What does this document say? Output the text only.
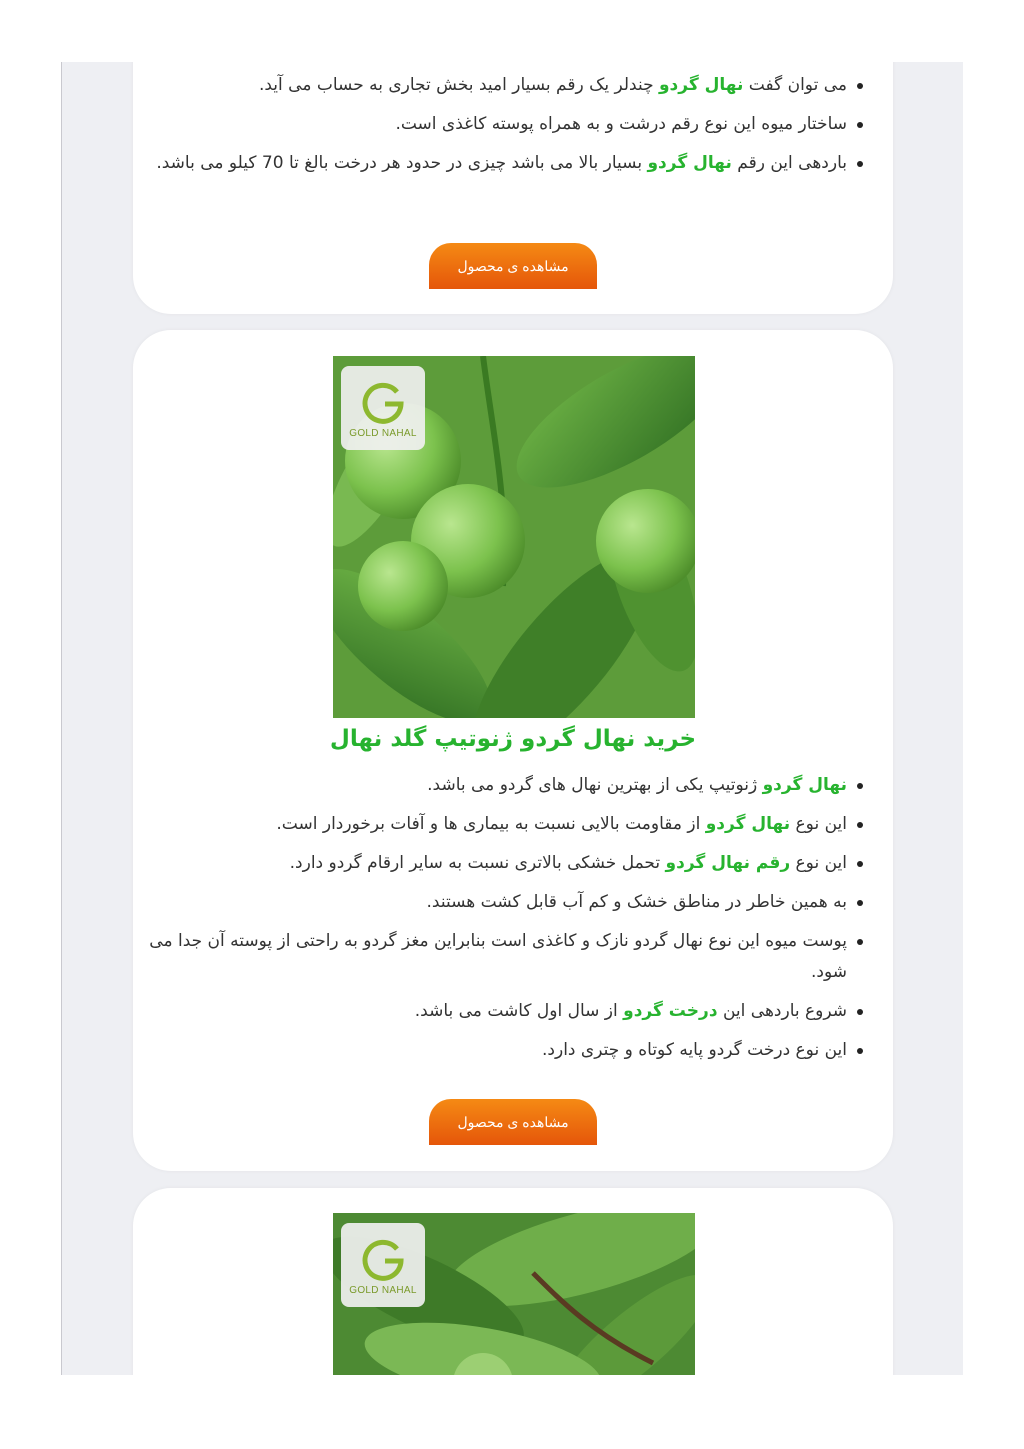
می توان گفت نهال گردو چندلر یک رقم بسیار امید بخش تجاری به حساب می آید.
ساختار میوه این نوع رقم درشت و به همراه پوسته کاغذی است.
باردهی این رقم نهال گردو بسیار بالا می باشد چیزی در حدود هر درخت بالغ تا 70 کیلو می باشد.
مشاهده ی محصول
GOLD NAHAL
خرید نهال گردو ژنوتیپ گلد نهال
نهال گردو ژنوتیپ یکی از بهترین نهال های گردو می باشد.
این نوع نهال گردو از مقاومت بالایی نسبت به بیماری ها و آفات برخوردار است.
این نوع رقم نهال گردو تحمل خشکی بالاتری نسبت به سایر ارقام گردو دارد.
به همین خاطر در مناطق خشک و کم آب قابل کشت هستند.
پوست میوه این نوع نهال گردو نازک و کاغذی است بنابراین مغز گردو به راحتی از پوسته آن جدا می شود.
شروع باردهی این درخت گردو از سال اول کاشت می باشد.
این نوع درخت گردو پایه کوتاه و چتری دارد.
مشاهده ی محصول
GOLD NAHAL
